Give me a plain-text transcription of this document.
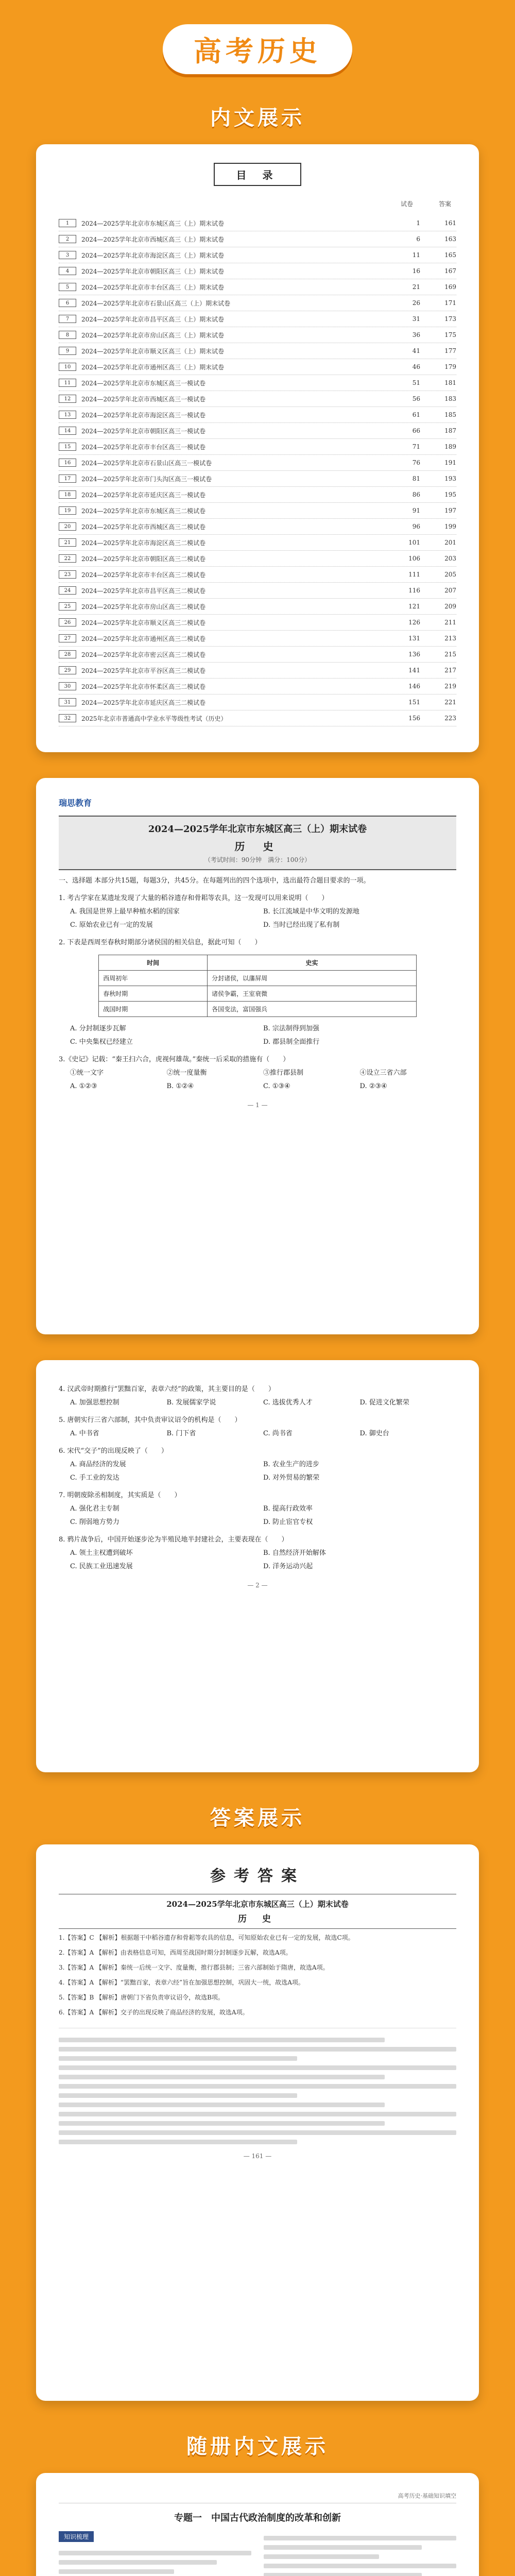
高考历史
内文展示
目 录
试卷	答案
1	2024—2025学年北京市东城区高三（上）期末试卷	1	161
2	2024—2025学年北京市西城区高三（上）期末试卷	6	163
3	2024—2025学年北京市海淀区高三（上）期末试卷	11	165
4	2024—2025学年北京市朝阳区高三（上）期末试卷	16	167
5	2024—2025学年北京市丰台区高三（上）期末试卷	21	169
6	2024—2025学年北京市石景山区高三（上）期末试卷	26	171
7	2024—2025学年北京市昌平区高三（上）期末试卷	31	173
8	2024—2025学年北京市房山区高三（上）期末试卷	36	175
9	2024—2025学年北京市顺义区高三（上）期末试卷	41	177
10	2024—2025学年北京市通州区高三（上）期末试卷	46	179
11	2024—2025学年北京市东城区高三一模试卷	51	181
12	2024—2025学年北京市西城区高三一模试卷	56	183
13	2024—2025学年北京市海淀区高三一模试卷	61	185
14	2024—2025学年北京市朝阳区高三一模试卷	66	187
15	2024—2025学年北京市丰台区高三一模试卷	71	189
16	2024—2025学年北京市石景山区高三一模试卷	76	191
17	2024—2025学年北京市门头沟区高三一模试卷	81	193
18	2024—2025学年北京市延庆区高三一模试卷	86	195
19	2024—2025学年北京市东城区高三二模试卷	91	197
20	2024—2025学年北京市西城区高三二模试卷	96	199
21	2024—2025学年北京市海淀区高三二模试卷	101	201
22	2024—2025学年北京市朝阳区高三二模试卷	106	203
23	2024—2025学年北京市丰台区高三二模试卷	111	205
24	2024—2025学年北京市昌平区高三二模试卷	116	207
25	2024—2025学年北京市房山区高三二模试卷	121	209
26	2024—2025学年北京市顺义区高三二模试卷	126	211
27	2024—2025学年北京市通州区高三二模试卷	131	213
28	2024—2025学年北京市密云区高三二模试卷	136	215
29	2024—2025学年北京市平谷区高三二模试卷	141	217
30	2024—2025学年北京市怀柔区高三二模试卷	146	219
31	2024—2025学年北京市延庆区高三二模试卷	151	221
32	2025年北京市普通高中学业水平等级性考试（历史）	156	223
瑞思教育
2024—2025学年北京市东城区高三（上）期末试卷
历 史
（考试时间：90分钟　满分：100分）
一、选择题 本部分共15题，每题3分，共45分。在每题列出的四个选项中，选出最符合题目要求的一项。
1. 考古学家在某遗址发现了大量的稻谷遗存和骨耜等农具，这一发现可以用来说明（　　）
A. 我国是世界上最早种植水稻的国家	B. 长江流域是中华文明的发源地
C. 原始农业已有一定的发展	D. 当时已经出现了私有制
2. 下表是西周至春秋时期部分诸侯国的相关信息，据此可知（　　）
时间	史实
西周初年	分封诸侯，以藩屏周
春秋时期	诸侯争霸，王室衰微
战国时期	各国变法，富国强兵
A. 分封制逐步瓦解	B. 宗法制得到加强
C. 中央集权已经建立	D. 郡县制全面推行
3.《史记》记载：“秦王扫六合，虎视何雄哉。”秦统一后采取的措施有（　　）
①统一文字	②统一度量衡	③推行郡县制	④设立三省六部
A. ①②③	B. ①②④	C. ①③④	D. ②③④
— 1 —
4. 汉武帝时期推行“罢黜百家，表章六经”的政策，其主要目的是（　　）
A. 加强思想控制	B. 发展儒家学说	C. 选拔优秀人才	D. 促进文化繁荣
5. 唐朝实行三省六部制，其中负责审议诏令的机构是（　　）
A. 中书省	B. 门下省	C. 尚书省	D. 御史台
6. 宋代“交子”的出现反映了（　　）
A. 商品经济的发展	B. 农业生产的进步
C. 手工业的发达	D. 对外贸易的繁荣
7. 明朝废除丞相制度，其实质是（　　）
A. 强化君主专制	B. 提高行政效率
C. 削弱地方势力	D. 防止宦官专权
8. 鸦片战争后，中国开始逐步沦为半殖民地半封建社会，主要表现在（　　）
A. 领土主权遭到破坏	B. 自然经济开始解体
C. 民族工业迅速发展	D. 洋务运动兴起
— 2 —
答案展示
参考答案
2024—2025学年北京市东城区高三（上）期末试卷
历 史
1.【答案】C 【解析】根据题干中稻谷遗存和骨耜等农具的信息，可知原始农业已有一定的发展，故选C项。
2.【答案】A 【解析】由表格信息可知，西周至战国时期分封制逐步瓦解，故选A项。
3.【答案】A 【解析】秦统一后统一文字、度量衡，推行郡县制；三省六部制始于隋唐，故选A项。
4.【答案】A 【解析】“罢黜百家，表章六经”旨在加强思想控制，巩固大一统，故选A项。
5.【答案】B 【解析】唐朝门下省负责审议诏令，故选B项。
6.【答案】A 【解析】交子的出现反映了商品经济的发展，故选A项。
— 161 —
随册内文展示
高考历史·基础知识填空
专题一　中国古代政治制度的改革和创新
知识梳理
